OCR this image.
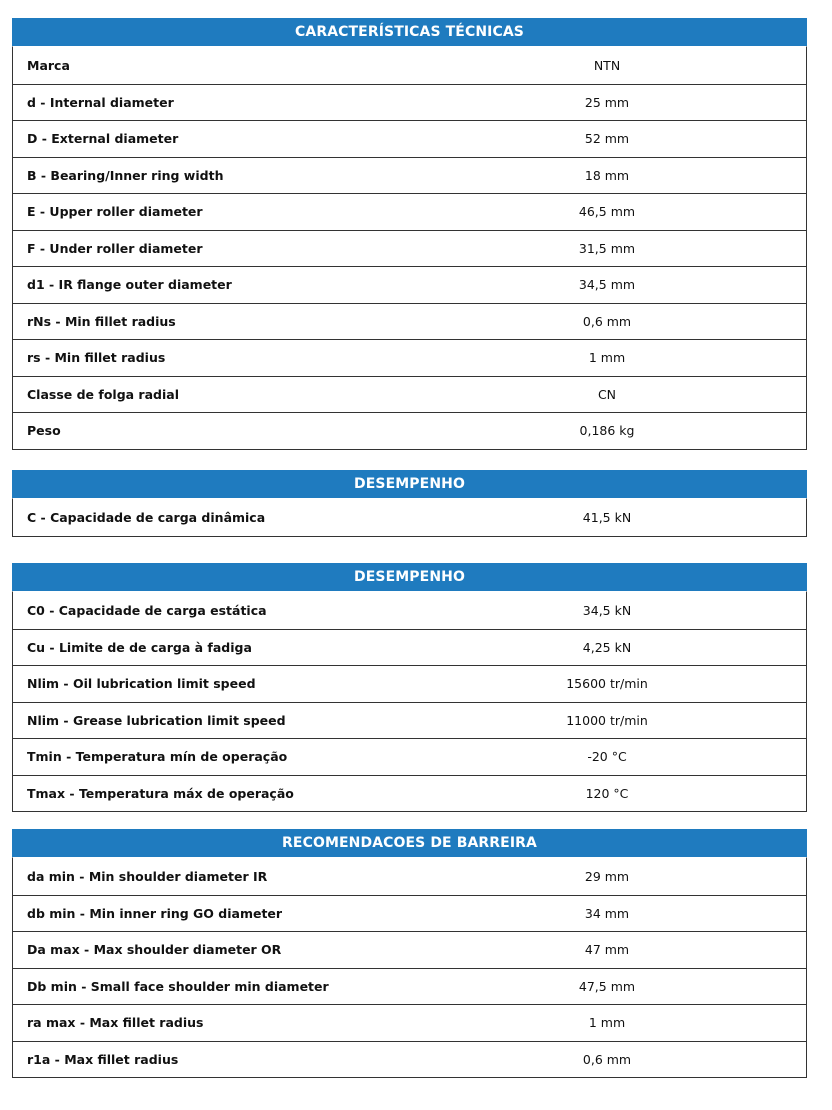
CARACTERÍSTICAS TÉCNICAS
Marca	NTN
d - Internal diameter	25 mm
D - External diameter	52 mm
B - Bearing/Inner ring width	18 mm
E - Upper roller diameter	46,5 mm
F - Under roller diameter	31,5 mm
d1 - IR flange outer diameter	34,5 mm
rNs - Min fillet radius	0,6 mm
rs - Min fillet radius	1 mm
Classe de folga radial	CN
Peso	0,186 kg
DESEMPENHO
C - Capacidade de carga dinâmica	41,5 kN
DESEMPENHO
C0 - Capacidade de carga estática	34,5 kN
Cu - Limite de de carga à fadiga	4,25 kN
Nlim - Oil lubrication limit speed	15600 tr/min
Nlim - Grease lubrication limit speed	11000 tr/min
Tmin - Temperatura mín de operação	-20 °C
Tmax - Temperatura máx de operação	120 °C
RECOMENDACOES DE BARREIRA
da min - Min shoulder diameter IR	29 mm
db min - Min inner ring GO diameter	34 mm
Da max - Max shoulder diameter OR	47 mm
Db min - Small face shoulder min diameter	47,5 mm
ra max - Max fillet radius	1 mm
r1a - Max fillet radius	0,6 mm
